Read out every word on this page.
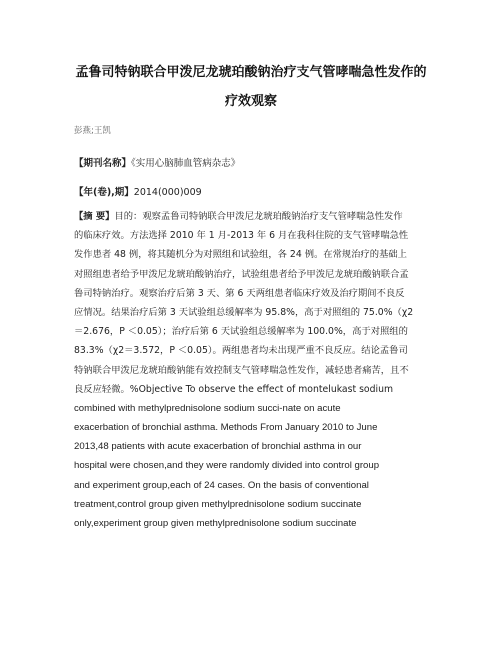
孟鲁司特钠联合甲泼尼龙琥珀酸钠治疗支气管哮喘急性发作的
疗效观察
彭燕;王凯
【期刊名称】《实用心脑肺血管病杂志》
【年(卷),期】2014(000)009
【摘 要】目的：观察孟鲁司特钠联合甲泼尼龙琥珀酸钠治疗支气管哮喘急性发作
的临床疗效。方法选择 2010 年 1 月-2013 年 6 月在我科住院的支气管哮喘急性
发作患者 48 例，将其随机分为对照组和试验组，各 24 例。在常规治疗的基础上
对照组患者给予甲泼尼龙琥珀酸钠治疗，试验组患者给予甲泼尼龙琥珀酸钠联合孟
鲁司特钠治疗。观察治疗后第 3 天、第 6 天两组患者临床疗效及治疗期间不良反
应情况。结果治疗后第 3 天试验组总缓解率为 95.8%，高于对照组的 75.0%（χ2
＝2.676，P ＜0.05）；治疗后第 6 天试验组总缓解率为 100.0%，高于对照组的
83.3%（χ2＝3.572，P ＜0.05）。两组患者均未出现严重不良反应。结论孟鲁司
特钠联合甲泼尼龙琥珀酸钠能有效控制支气管哮喘急性发作，减轻患者痛苦，且不
良反应轻微。%Objective To observe the effect of montelukast sodium
combined with methylprednisolone sodium succi-nate on acute
exacerbation of bronchial asthma. Methods From January 2010 to June
2013,48 patients with acute exacerbation of bronchial asthma in our
hospital were chosen,and they were randomly divided into control group
and experiment group,each of 24 cases. On the basis of conventional
treatment,control group given methylprednisolone sodium succinate
only,experiment group given methylprednisolone sodium succinate
